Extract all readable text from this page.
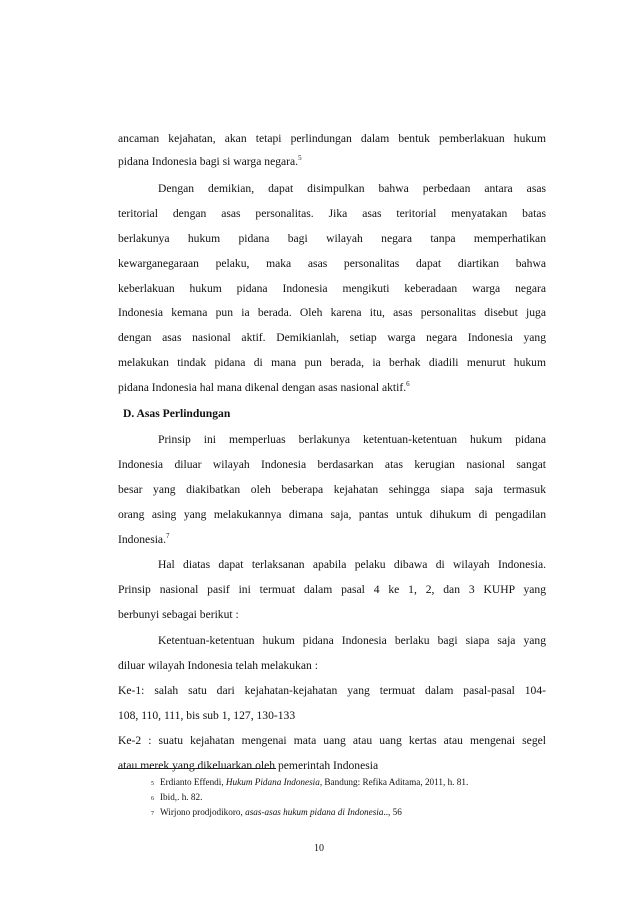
ancaman kejahatan, akan tetapi perlindungan dalam bentuk pemberlakuan hukum
pidana Indonesia bagi si warga negara.$^5$
Dengan demikian, dapat disimpulkan bahwa perbedaan antara asas
teritorial dengan asas personalitas. Jika asas teritorial menyatakan batas
berlakunya hukum pidana bagi wilayah negara tanpa memperhatikan
kewarganegaraan pelaku, maka asas personalitas dapat diartikan bahwa
keberlakuan hukum pidana Indonesia mengikuti keberadaan warga negara
Indonesia kemana pun ia berada. Oleh karena itu, asas personalitas disebut juga
dengan asas nasional aktif. Demikianlah, setiap warga negara Indonesia yang
melakukan tindak pidana di mana pun berada, ia berhak diadili menurut hukum
pidana Indonesia hal mana dikenal dengan asas nasional aktif.$^6$
D. Asas Perlindungan
Prinsip ini memperluas berlakunya ketentuan-ketentuan hukum pidana
Indonesia diluar wilayah Indonesia berdasarkan atas kerugian nasional sangat
besar yang diakibatkan oleh beberapa kejahatan sehingga siapa saja termasuk
orang asing yang melakukannya dimana saja, pantas untuk dihukum di pengadilan
Indonesia.$^7$
Hal diatas dapat terlaksanan apabila pelaku dibawa di wilayah Indonesia.
Prinsip nasional pasif ini termuat dalam pasal 4 ke 1, 2, dan 3 KUHP yang
berbunyi sebagai berikut :
Ketentuan-ketentuan hukum pidana Indonesia berlaku bagi siapa saja yang
diluar wilayah Indonesia telah melakukan :
Ke-1: salah satu dari kejahatan-kejahatan yang termuat dalam pasal-pasal 104-
108, 110, 111, bis sub 1, 127, 130-133
Ke-2 : suatu kejahatan mengenai mata uang atau uang kertas atau mengenai segel
atau merek yang dikeluarkan oleh pemerintah Indonesia
5 Erdianto Effendi, Hukum Pidana Indonesia, Bandung: Refika Aditama, 2011, h. 81.
6 Ibid,. h. 82.
7 Wirjono prodjodikoro, asas-asas hukum pidana di Indonesia.., 56
10
